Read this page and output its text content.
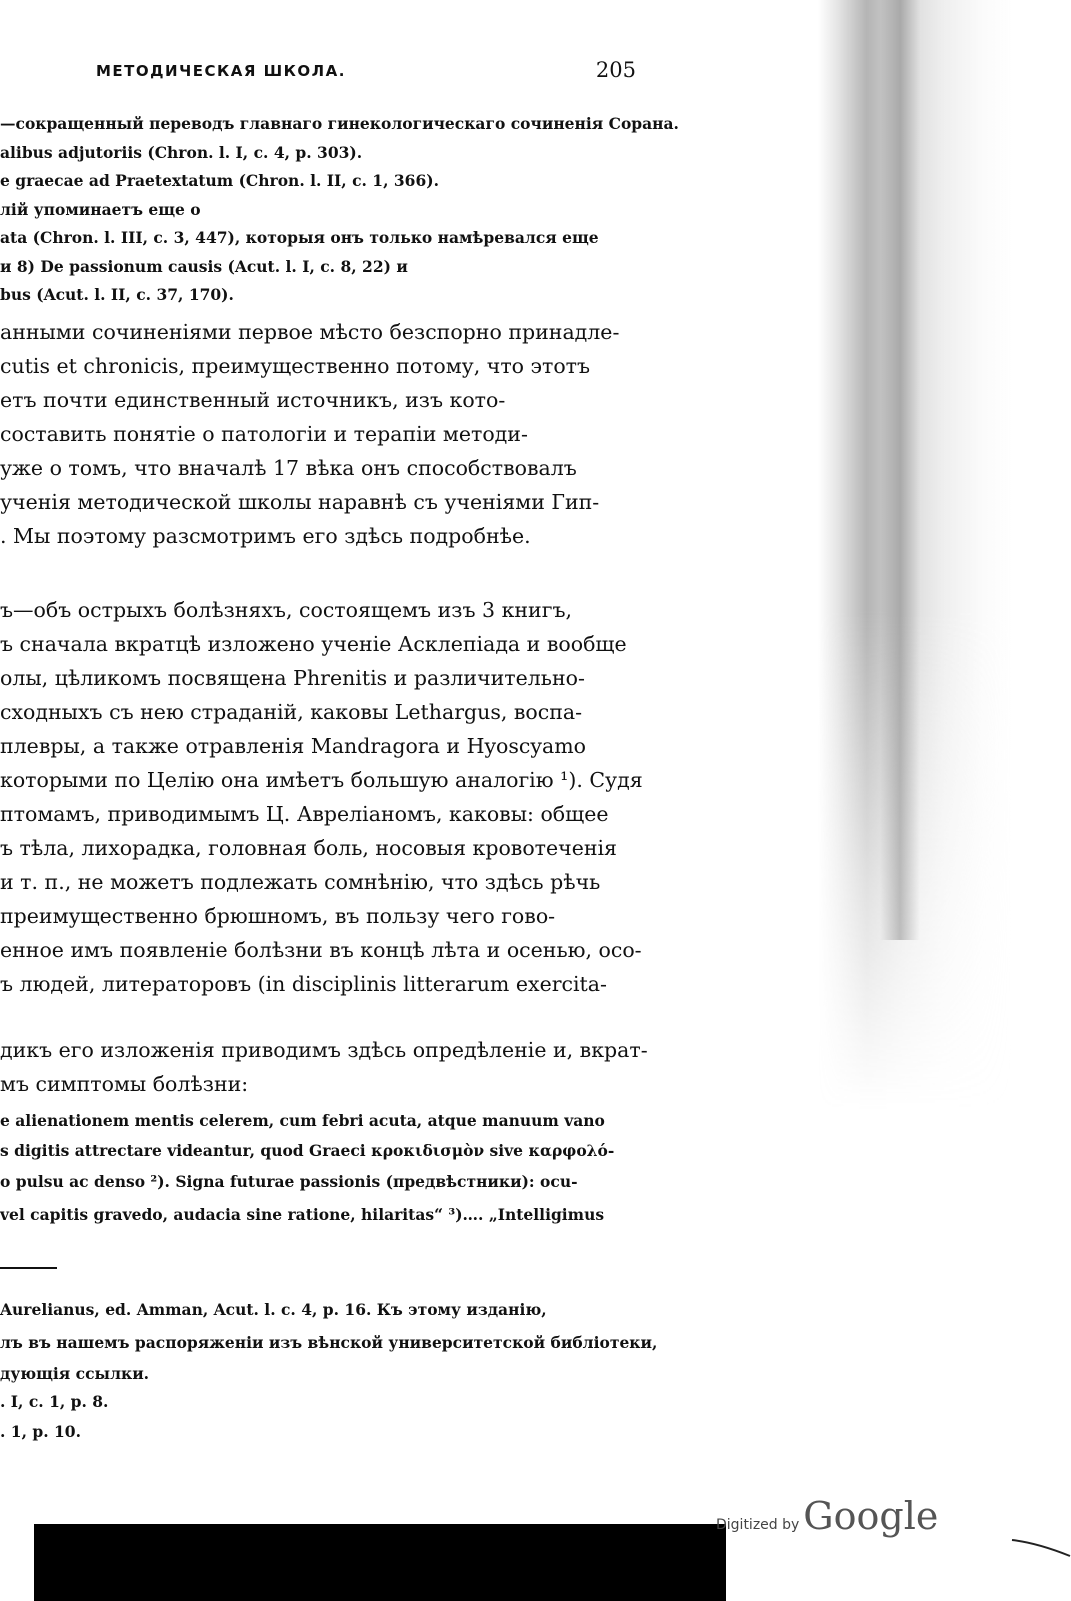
МЕТОДИЧЕСКАЯ ШКОЛА.	205

—сокращенный переводъ главнаго гинекологическаго сочиненія Сорана.

alibus adjutoriis (Chron. l. I, c. 4, p. 303).

e graecae ad Praetextatum (Chron. l. II, c. 1, 366).

лій упоминаетъ еще о

ata (Chron. l. III, c. 3, 447), которыя онъ только намѣревался еще

и 8) De passionum causis (Acut. l. I, c. 8, 22) и

bus (Acut. l. II, c. 37, 170).

анными сочиненіями первое мѣсто безспорно принадле-

cutis et chronicis, преимущественно потому, что этотъ

етъ почти единственный источникъ, изъ кото-

составить понятіе о патологіи и терапіи методи-

уже о томъ, что вначалѣ 17 вѣка онъ способствовалъ

ученія методической школы наравнѣ съ ученіями Гип-

. Мы поэтому разсмотримъ его здѣсь подробнѣе.

ъ—объ острыхъ болѣзняхъ, состоящемъ изъ 3 книгъ,

ъ сначала вкратцѣ изложено ученіе Асклепіада и вообще

олы, цѣликомъ посвящена Phrenitis и различительно-

сходныхъ съ нею страданій, каковы Lethargus, воспа-

плевры, а также отравленія Mandragora и Hyoscyamo

которыми по Целію она имѣетъ большую аналогію ¹). Судя

птомамъ, приводимымъ Ц. Авреліаномъ, каковы: общее

ъ тѣла, лихорадка, головная боль, носовыя кровотеченія

и т. п., не можетъ подлежать сомнѣнію, что здѣсь рѣчь

преимущественно брюшномъ, въ пользу чего гово-

енное имъ появленіе болѣзни въ концѣ лѣта и осенью, осо-

ъ людей, литераторовъ (in disciplinis litterarum exercita-

дикъ его изложенія приводимъ здѣсь опредѣленіе и, вкрат-

мъ симптомы болѣзни:

e alienationem mentis celerem, cum febri acuta, atque manuum vano

s digitis attrectare videantur, quod Graeci κροκιδισμὸν sive καρφολό-

o pulsu ac denso ²). Signa futurae passionis (предвѣстники): ocu-

vel capitis gravedo, audacia sine ratione, hilaritas“ ³)…. „Intelligimus

Aurelianus, ed. Amman, Acut. l. c. 4, p. 16. Къ этому изданію,

лъ въ нашемъ распоряженіи изъ вѣнской университетской библіотеки,

дующія ссылки.

. I, c. 1, p. 8.

. 1, p. 10.

Digitized by Google
